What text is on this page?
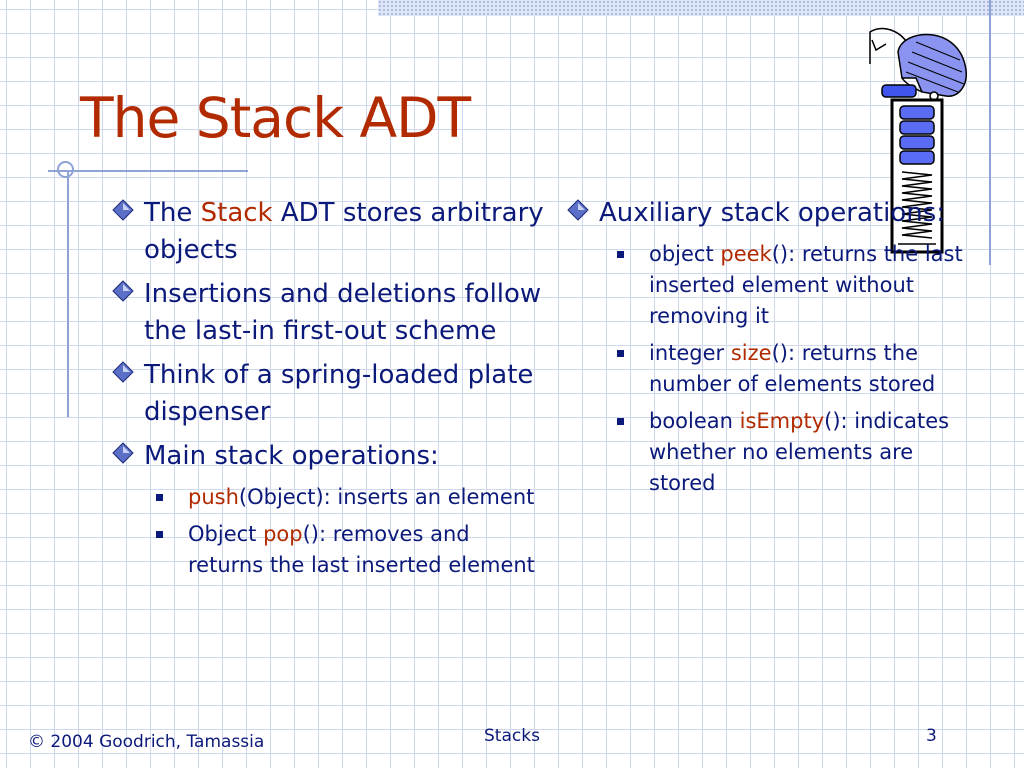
The Stack ADT
The Stack ADT stores arbitrary objects
Insertions and deletions follow the last-in first-out scheme
Think of a spring-loaded plate dispenser
Main stack operations:
push(Object): inserts an element
Object pop(): removes and returns the last inserted element
Auxiliary stack operations:
object peek(): returns the last inserted element without removing it
integer size(): returns the number of elements stored
boolean isEmpty(): indicates whether no elements are stored
© 2004 Goodrich, Tamassia	Stacks	3
